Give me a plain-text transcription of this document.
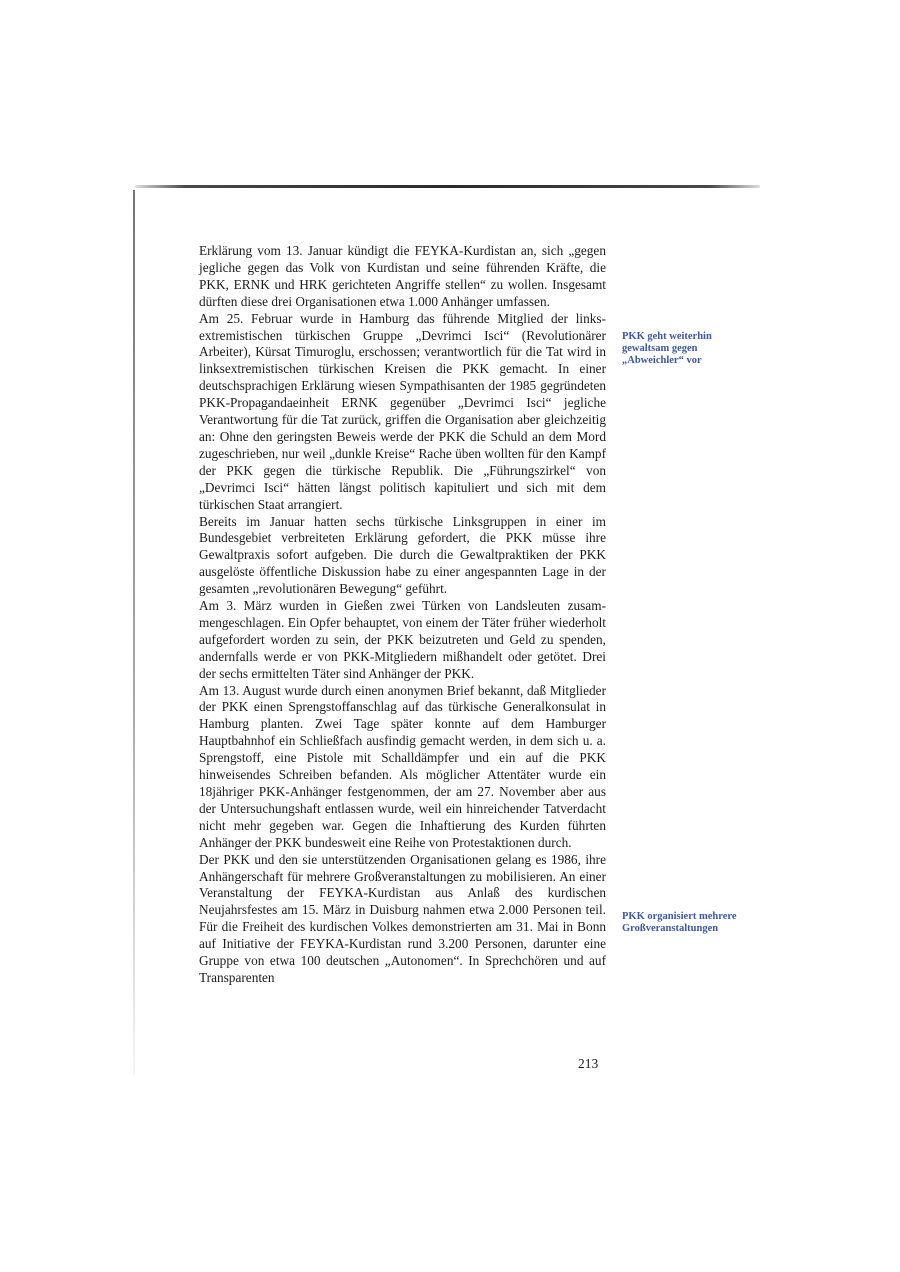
Erklärung vom 13. Januar kündigt die FEYKA-Kurdistan an, sich „gegen jegliche gegen das Volk von Kurdistan und seine führenden Kräfte, die PKK, ERNK und HRK gerichteten Angriffe stellen“ zu wollen. Insgesamt dürften diese drei Organisationen etwa 1.000 Anhänger umfassen.

Am 25. Februar wurde in Hamburg das führende Mitglied der linksextremistischen türkischen Gruppe „Devrimci Isci“ (Revolutionärer Arbeiter), Kürsat Timuroglu, erschossen; verantwortlich für die Tat wird in linksextremistischen türkischen Kreisen die PKK gemacht. In einer deutschsprachigen Erklärung wiesen Sympathisanten der 1985 gegründeten PKK-Propagandaeinheit ERNK gegenüber „Devrimci Isci“ jegliche Verantwortung für die Tat zurück, griffen die Organisation aber gleichzeitig an: Ohne den geringsten Beweis werde der PKK die Schuld an dem Mord zugeschrieben, nur weil „dunkle Kreise“ Rache üben wollten für den Kampf der PKK gegen die türkische Republik. Die „Führungszirkel“ von „Devrimci Isci“ hätten längst politisch kapituliert und sich mit dem türkischen Staat arrangiert.

Bereits im Januar hatten sechs türkische Linksgruppen in einer im Bundesgebiet verbreiteten Erklärung gefordert, die PKK müsse ihre Gewaltpraxis sofort aufgeben. Die durch die Gewaltpraktiken der PKK ausgelöste öffentliche Diskussion habe zu einer angespannten Lage in der gesamten „revolutionären Bewegung“ geführt.

Am 3. März wurden in Gießen zwei Türken von Landsleuten zusammengeschlagen. Ein Opfer behauptet, von einem der Täter früher wiederholt aufgefordert worden zu sein, der PKK beizutreten und Geld zu spenden, andernfalls werde er von PKK-Mitgliedern mißhandelt oder getötet. Drei der sechs ermittelten Täter sind Anhänger der PKK.

Am 13. August wurde durch einen anonymen Brief bekannt, daß Mitglieder der PKK einen Sprengstoffanschlag auf das türkische Generalkonsulat in Hamburg planten. Zwei Tage später konnte auf dem Hamburger Hauptbahnhof ein Schließfach ausfindig gemacht werden, in dem sich u. a. Sprengstoff, eine Pistole mit Schalldämpfer und ein auf die PKK hinweisendes Schreiben befanden. Als möglicher Attentäter wurde ein 18jähriger PKK-Anhänger festgenommen, der am 27. November aber aus der Untersuchungshaft entlassen wurde, weil ein hinreichender Tatverdacht nicht mehr gegeben war. Gegen die Inhaftierung des Kurden führten Anhänger der PKK bundesweit eine Reihe von Protestaktionen durch.

Der PKK und den sie unterstützenden Organisationen gelang es 1986, ihre Anhängerschaft für mehrere Großveranstaltungen zu mobilisieren. An einer Veranstaltung der FEYKA-Kurdistan aus Anlaß des kurdischen Neujahrsfestes am 15. März in Duisburg nahmen etwa 2.000 Personen teil. Für die Freiheit des kurdischen Volkes demonstrierten am 31. Mai in Bonn auf Initiative der FEYKA-Kurdistan rund 3.200 Personen, darunter eine Gruppe von etwa 100 deutschen „Autonomen“. In Sprechchören und auf Transparenten

PKK geht weiterhin gewaltsam gegen „Abweichler“ vor
PKK organisiert mehrere Großveranstaltungen
213
